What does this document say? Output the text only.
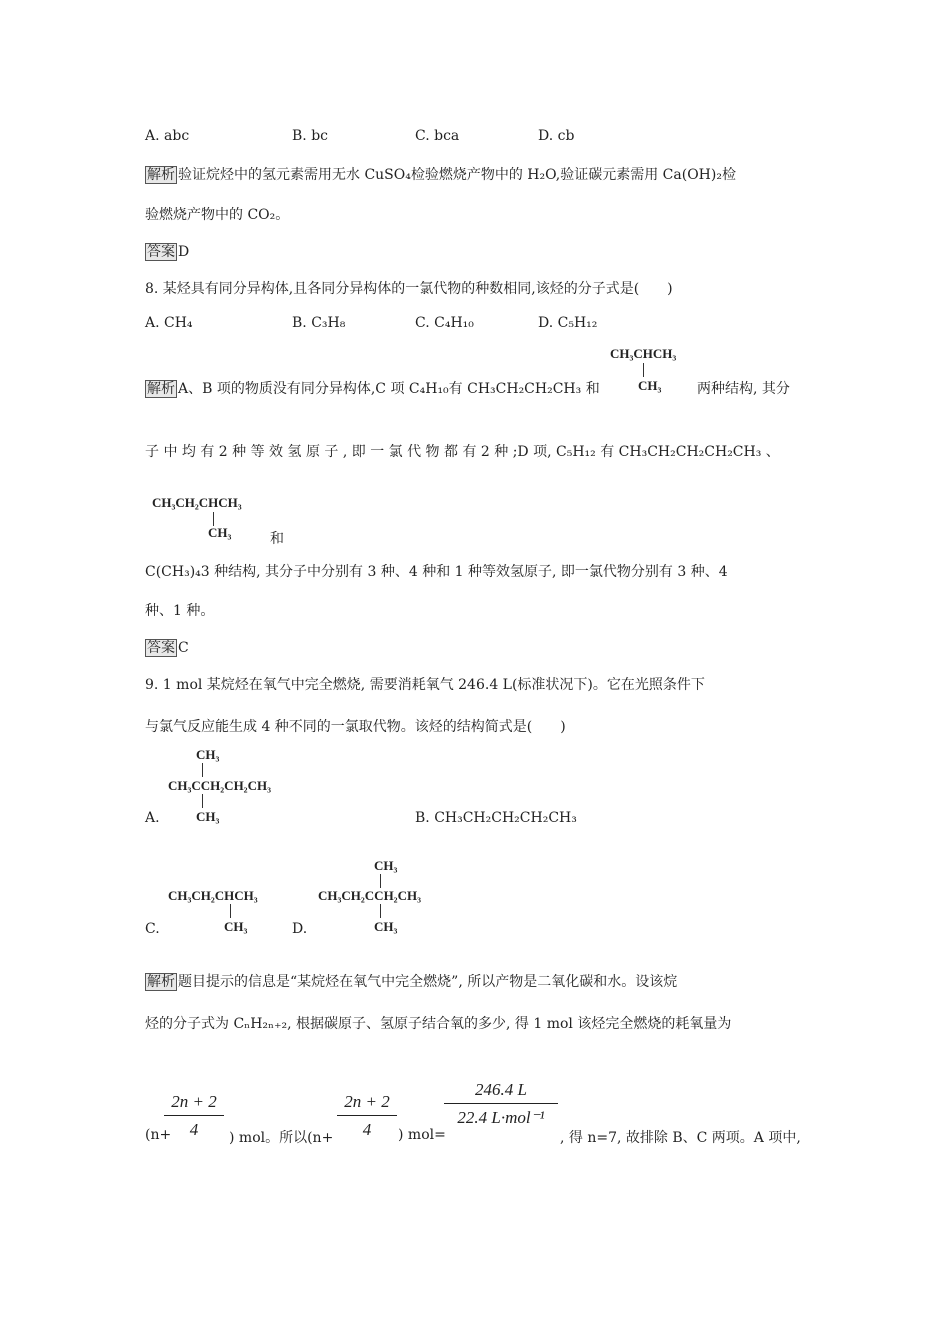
A. abc	B. bc	C. bca	D. cb
解析 验证烷烃中的氢元素需用无水 CuSO₄检验燃烧产物中的 H₂O,验证碳元素需用 Ca(OH)₂检
验燃烧产物中的 CO₂。
答案 D
8. 某烃具有同分异构体,且各同分异构体的一氯代物的种数相同,该烃的分子式是(　　)
A. CH₄	B. C₃H₈	C. C₄H₁₀	D. C₅H₁₂
CH₃CHCH₃
CH₃
解析 A、B 项的物质没有同分异构体,C 项 C₄H₁₀有 CH₃CH₂CH₂CH₃ 和	两种结构, 其分
子 中 均 有 2 种 等 效 氢 原 子 , 即 一 氯 代 物 都 有 2 种 ;D 项, C₅H₁₂ 有 CH₃CH₂CH₂CH₂CH₃ 、
CH₃CH₂CHCH₃
CH₃	和
C(CH₃)₄3 种结构, 其分子中分别有 3 种、4 种和 1 种等效氢原子, 即一氯代物分别有 3 种、4
种、1 种。
答案 C
9. 1 mol 某烷烃在氧气中完全燃烧, 需要消耗氧气 246.4 L(标准状况下)。它在光照条件下
与氯气反应能生成 4 种不同的一氯取代物。该烃的结构简式是(　　)
CH₃
CH₃CCH₂CH₂CH₃
CH₃
A.	B. CH₃CH₂CH₂CH₂CH₃
CH₃CH₂CHCH₃
CH₃
C.
CH₃
CH₃CH₂CCH₂CH₃
CH₃
D.
解析 题目提示的信息是“某烷烃在氧气中完全燃烧”, 所以产物是二氧化碳和水。设该烷
烃的分子式为 CₙH₂ₙ₊₂, 根据碳原子、氢原子结合氧的多少, 得 1 mol 该烃完全燃烧的耗氧量为
2n + 2
4
(n+	) mol。所以(n+
2n + 2
4	) mol=
246.4 L
22.4 L·mol⁻¹
, 得 n=7, 故排除 B、C 两项。A 项中,
